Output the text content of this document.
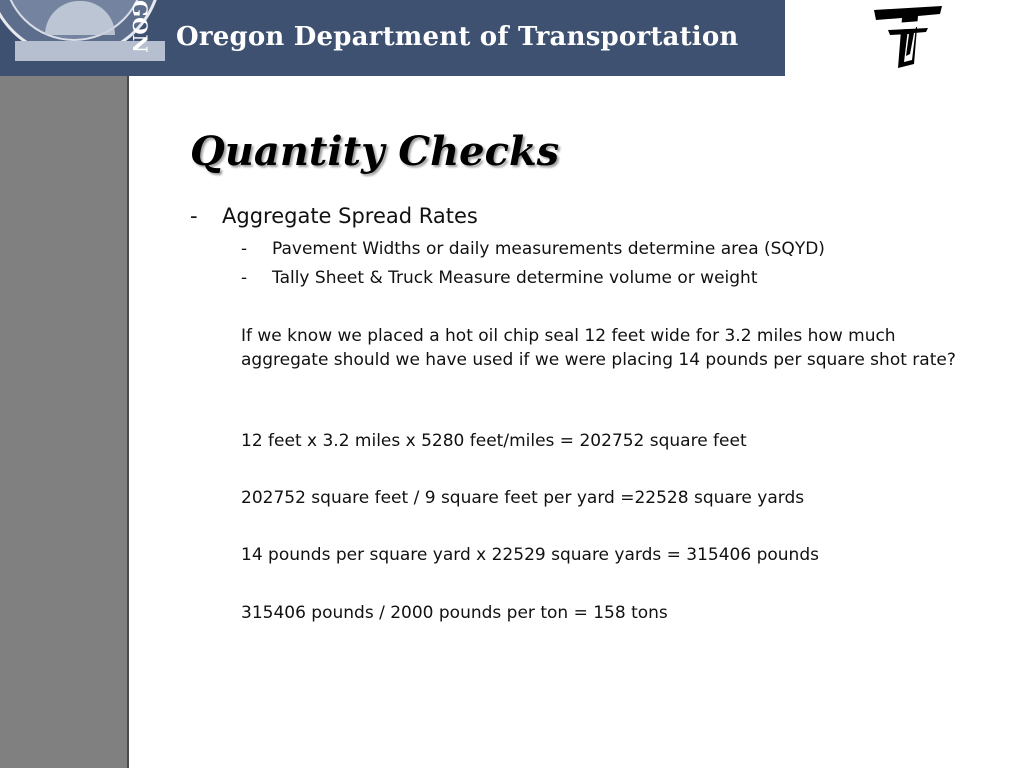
GON Oregon Department of Transportation
Quantity Checks
- Aggregate Spread Rates
- Pavement Widths or daily measurements determine area (SQYD)
- Tally Sheet & Truck Measure determine volume or weight

If we know we placed a hot oil chip seal 12 feet wide for 3.2 miles how much aggregate should we have used if we were placing 14 pounds per square shot rate?

12 feet x 3.2 miles x 5280 feet/miles = 202752 square feet

202752 square feet / 9 square feet per yard =22528 square yards

14 pounds per square yard x 22529 square yards = 315406 pounds

315406 pounds / 2000 pounds per ton = 158 tons
